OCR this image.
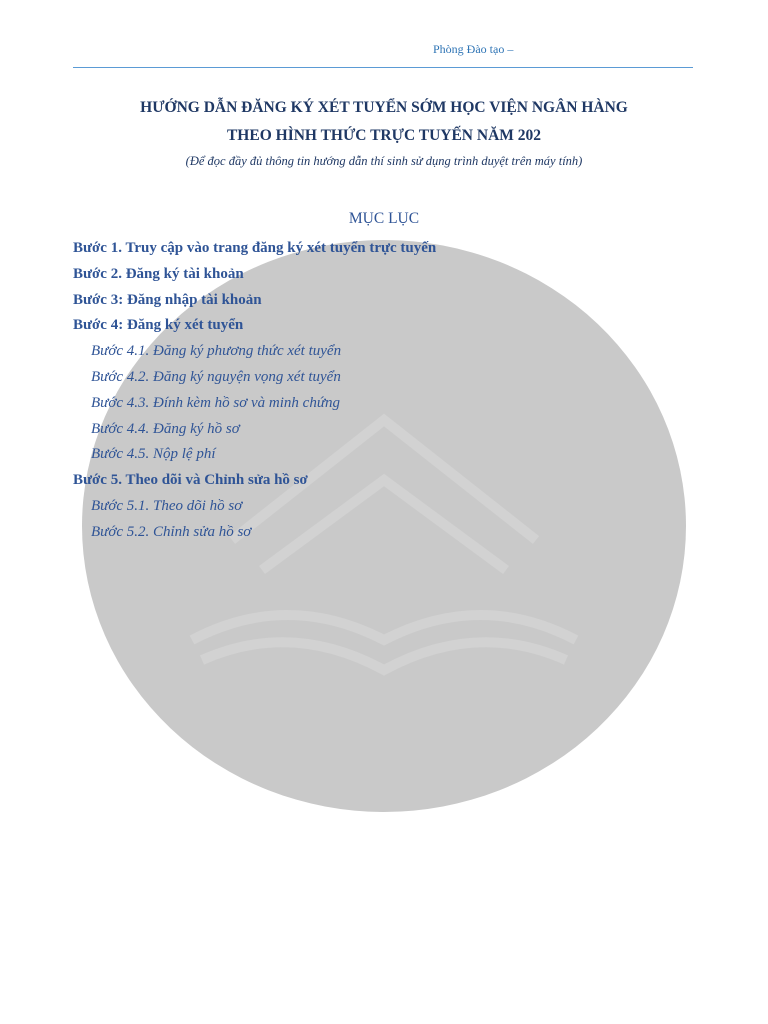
Phòng Đào tạo –
HƯỚNG DẪN ĐĂNG KÝ XÉT TUYỂN SỚM HỌC VIỆN NGÂN HÀNG
THEO HÌNH THỨC TRỰC TUYẾN NĂM 202
(Để đọc đầy đủ thông tin hướng dẫn thí sinh sử dụng trình duyệt trên máy tính)
MỤC LỤC
Bước 1. Truy cập vào trang đăng ký xét tuyển trực tuyến
Bước 2. Đăng ký tài khoản
Bước 3: Đăng nhập tài khoản
Bước 4: Đăng ký xét tuyển
Bước 4.1. Đăng ký phương thức xét tuyển
Bước 4.2. Đăng ký nguyện vọng xét tuyển
Bước 4.3. Đính kèm hồ sơ và minh chứng
Bước 4.4. Đăng ký hồ sơ
Bước 4.5. Nộp lệ phí
Bước 5. Theo dõi và Chỉnh sửa hồ sơ
Bước 5.1. Theo dõi hồ sơ
Bước 5.2. Chỉnh sửa hồ sơ
